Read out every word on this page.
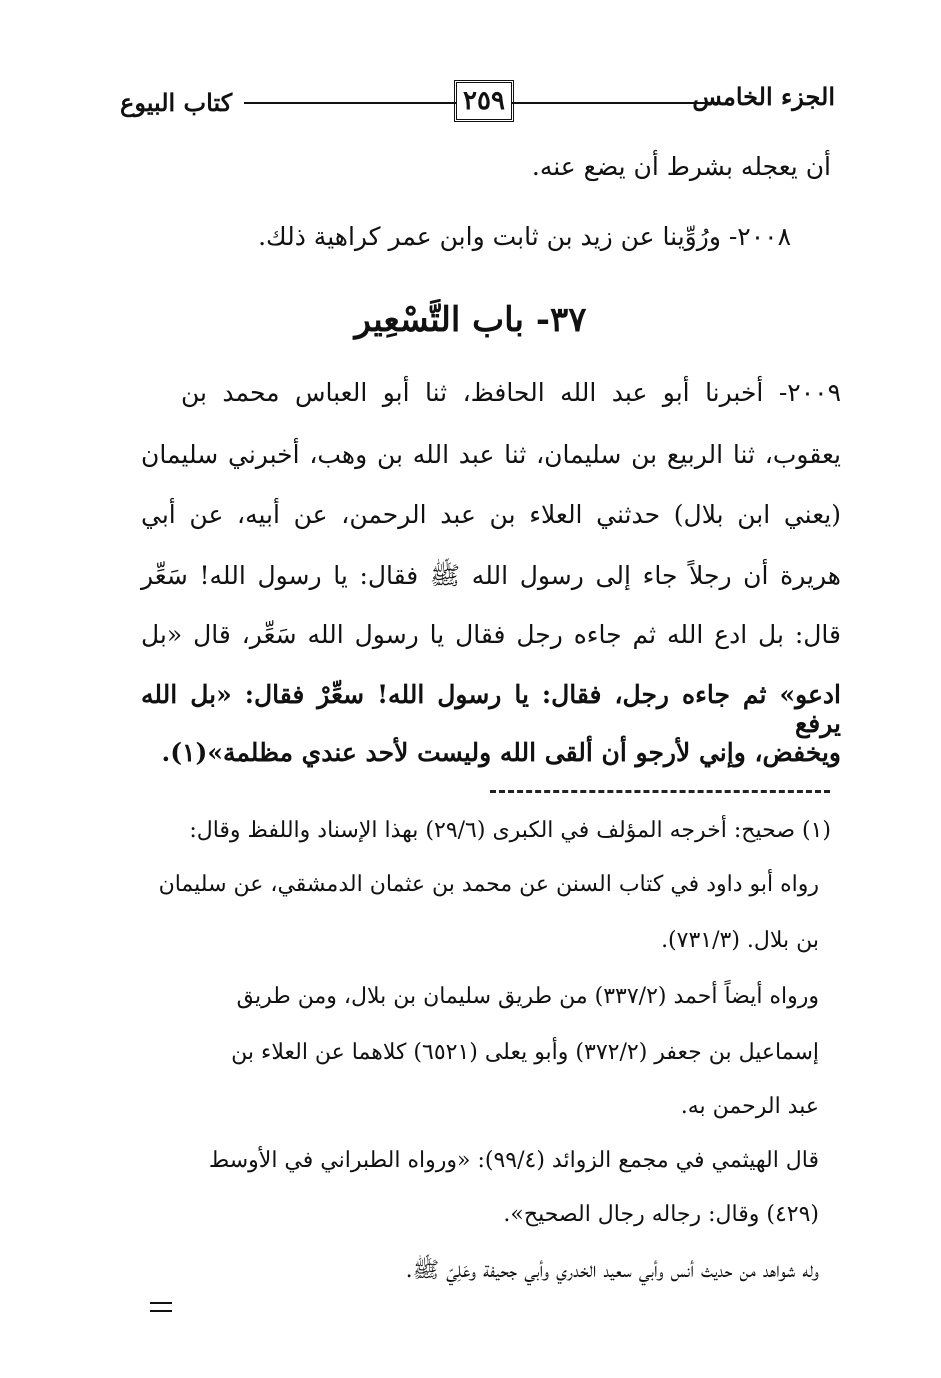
كتاب البيوع	٢٥٩	الجزء الخامس
أن يعجله بشرط أن يضع عنه.
٢٠٠٨- ورُوِّينا عن زيد بن ثابت وابن عمر كراهية ذلك.
٣٧- باب التَّسْعِير
٢٠٠٩- أخبرنا أبو عبد الله الحافظ، ثنا أبو العباس محمد بن
يعقوب، ثنا الربيع بن سليمان، ثنا عبد الله بن وهب، أخبرني سليمان
(يعني ابن بلال) حدثني العلاء بن عبد الرحمن، عن أبيه، عن أبي
هريرة أن رجلاً جاء إلى رسول الله ﷺ فقال: يا رسول الله! سَعِّر
قال: بل ادع الله ثم جاءه رجل فقال يا رسول الله سَعِّر، قال «بل
ادعو» ثم جاءه رجل، فقال: يا رسول الله! سعِّرْ فقال: «بل الله يرفع
ويخفض، وإني لأرجو أن ألقى الله وليست لأحد عندي مظلمة»(١).
(١) صحيح: أخرجه المؤلف في الكبرى (٢٩/٦) بهذا الإسناد واللفظ وقال:
رواه أبو داود في كتاب السنن عن محمد بن عثمان الدمشقي، عن سليمان
بن بلال. (٧٣١/٣).
ورواه أيضاً أحمد (٣٣٧/٢) من طريق سليمان بن بلال، ومن طريق
إسماعيل بن جعفر (٣٧٢/٢) وأبو يعلى (٦٥٢١) كلاهما عن العلاء بن
عبد الرحمن به.
قال الهيثمي في مجمع الزوائد (٩٩/٤): «ورواه الطبراني في الأوسط
(٤٢٩) وقال: رجاله رجال الصحيح».
وله شواهد من حديث أنس وأبي سعيد الخدري وأبي جحيفة وعَلِيّ ﷺ.
